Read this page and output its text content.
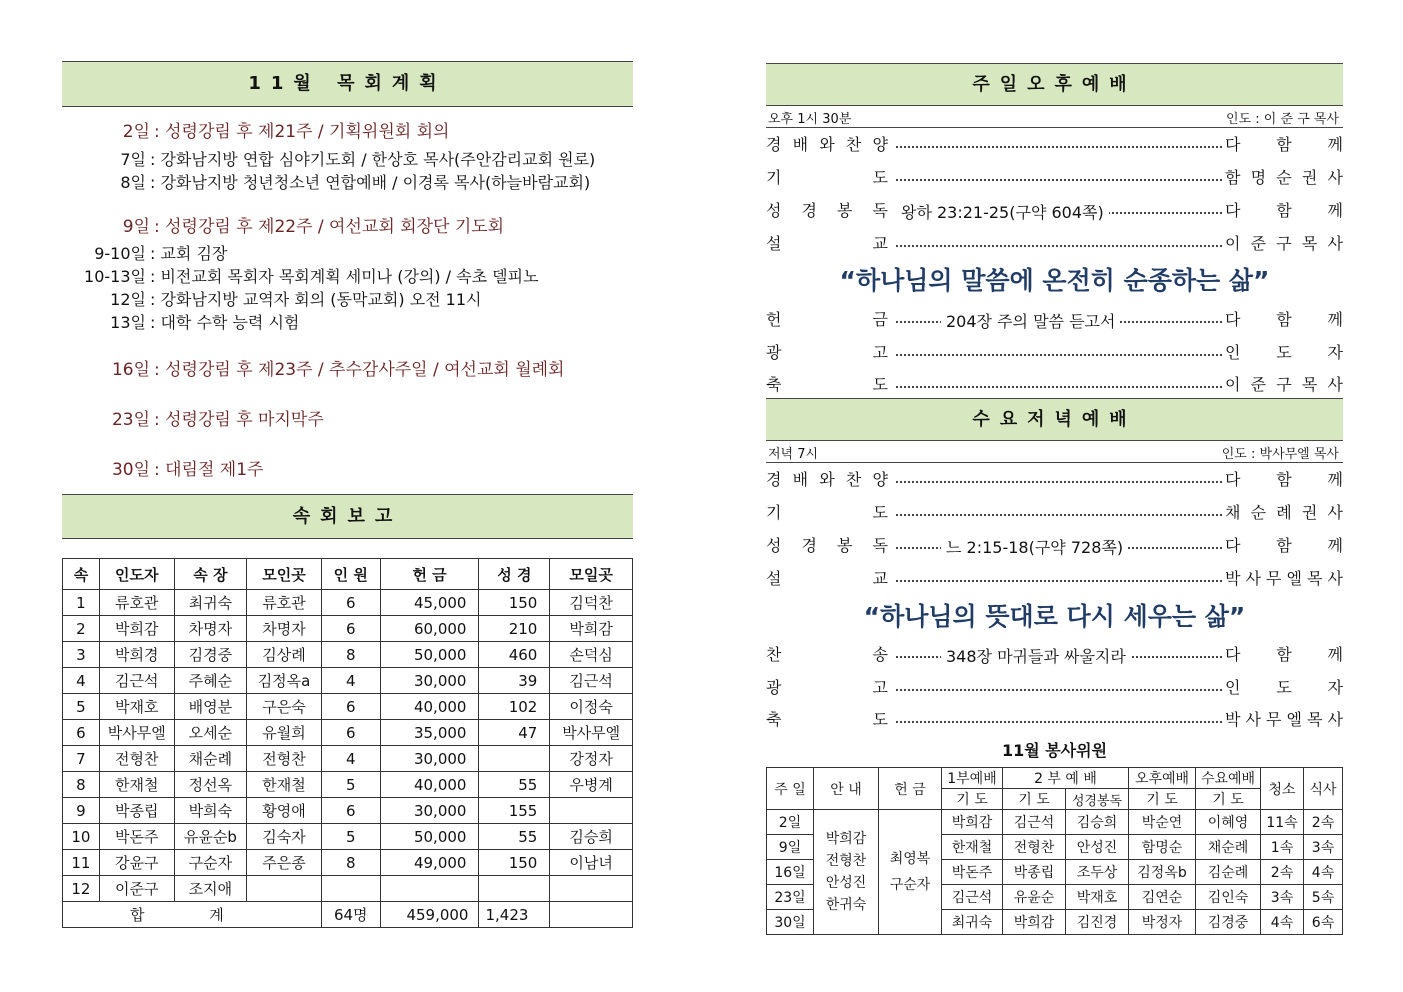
11월 목회계획
2일 : 성령강림 후 제21주 / 기획위원회 회의
7일 : 강화남지방 연합 심야기도회 / 한상호 목사(주안감리교회 원로)
8일 : 강화남지방 청년청소년 연합예배 / 이경록 목사(하늘바람교회)
9일 : 성령강림 후 제22주 / 여선교회 회장단 기도회
9-10일 : 교회 김장
10-13일 : 비전교회 목회자 목회계획 세미나 (강의) / 속초 델피노
12일 : 강화남지방 교역자 회의 (동막교회) 오전 11시
13일 : 대학 수학 능력 시험
16일 : 성령강림 후 제23주 / 추수감사주일 / 여선교회 월례회
23일 : 성령강림 후 마지막주
30일 : 대림절 제1주
속회보고
속	인도자	속 장	모인곳	인 원	헌 금	성 경	모일곳
1	류호관	최귀숙	류호관	6	45,000	150	김덕찬
2	박희감	차명자	차명자	6	60,000	210	박희감
3	박희경	김경중	김상례	8	50,000	460	손덕심
4	김근석	주혜순	김정옥a	4	30,000	39	김근석
5	박재호	배영분	구은숙	6	40,000	102	이정숙
6	박사무엘	오세순	유월희	6	35,000	47	박사무엘
7	전형찬	채순례	전형찬	4	30,000		강정자
8	한재철	정선옥	한재철	5	40,000	55	우병계
9	박종립	박희숙	황영애	6	30,000	155	
10	박돈주	유윤순b	김숙자	5	50,000	55	김승희
11	강윤구	구순자	주은종	8	49,000	150	이남녀
12	이준구	조지애					
합 계				64명	459,000	1,423	
주일오후예배
오후 1시 30분	인도 : 이 준 구 목사
경 배 와 찬 양	다 함 께
기	도	함 명 순 권 사
성 경 봉 독 왕하 23:21-25(구약 604쪽)	다 함 께
설	교	이 준 구 목 사
“하나님의 말씀에 온전히 순종하는 삶”
헌	금	204장 주의 말씀 듣고서	다 함 께
광	고	인 도 자
축	도	이 준 구 목 사
수요저녁예배
저녁 7시	인도 : 박사무엘 목사
경 배 와 찬 양	다 함 께
기	도	채 순 례 권 사
성 경 봉 독	느 2:15-18(구약 728쪽)	다 함 께
설	교	박 사 무 엘 목 사
“하나님의 뜻대로 다시 세우는 삶”
찬	송	348장 마귀들과 싸울지라	다 함 께
광	고	인 도 자
축	도	박 사 무 엘 목 사
11월 봉사위원
주 일	안 내	헌 금	1부예배	2 부 예 배		오후예배	수요예배	청소	식사
			기 도	기 도	성경봉독	기 도	기 도		
2일	박희감 전형찬 안성진 한귀숙	최영복 구순자	박희감	김근석	김승희	박순연	이혜영	11속	2속
9일			한재철	전형찬	안성진	함명순	채순례	1속	3속
16일			박돈주	박종립	조두상	김정옥b	김순례	2속	4속
23일			김근석	유윤순	박재호	김연순	김인숙	3속	5속
30일			최귀숙	박희감	김진경	박정자	김경중	4속	6속
